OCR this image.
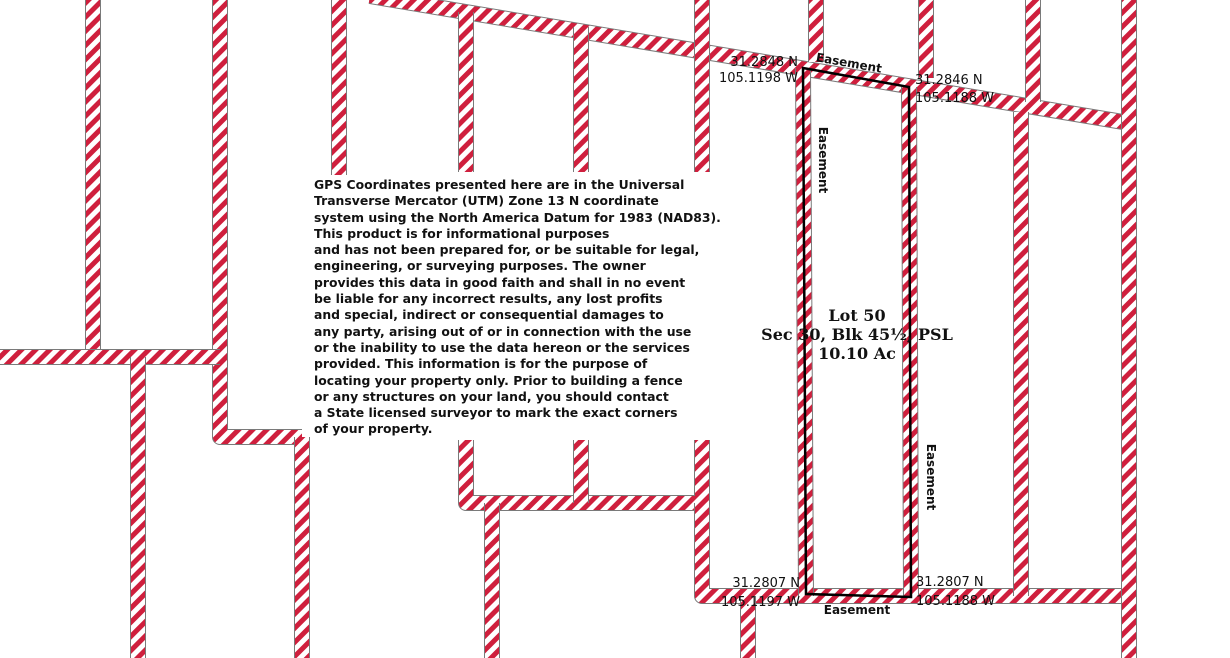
Lot 50
Sec 30, Blk 45½, PSL
10.10 Ac
31.2848 N
105.1198 W	31.2846 N
105.1188 W
31.2807 N
105.1197 W
31.2807 N
105.1188 W
Easement
Easement
Easement
Easement
GPS Coordinates presented here are in the Universal
Transverse Mercator (UTM) Zone 13 N coordinate
system using the North America Datum for 1983 (NAD83).
This product is for informational purposes
and has not been prepared for, or be suitable for legal,
engineering, or surveying purposes. The owner
provides this data in good faith and shall in no event
be liable for any incorrect results, any lost profits
and special, indirect or consequential damages to
any party, arising out of or in connection with the use
or the inability to use the data hereon or the services
provided. This information is for the purpose of
locating your property only. Prior to building a fence
or any structures on your land, you should contact
a State licensed surveyor to mark the exact corners
of your property.
